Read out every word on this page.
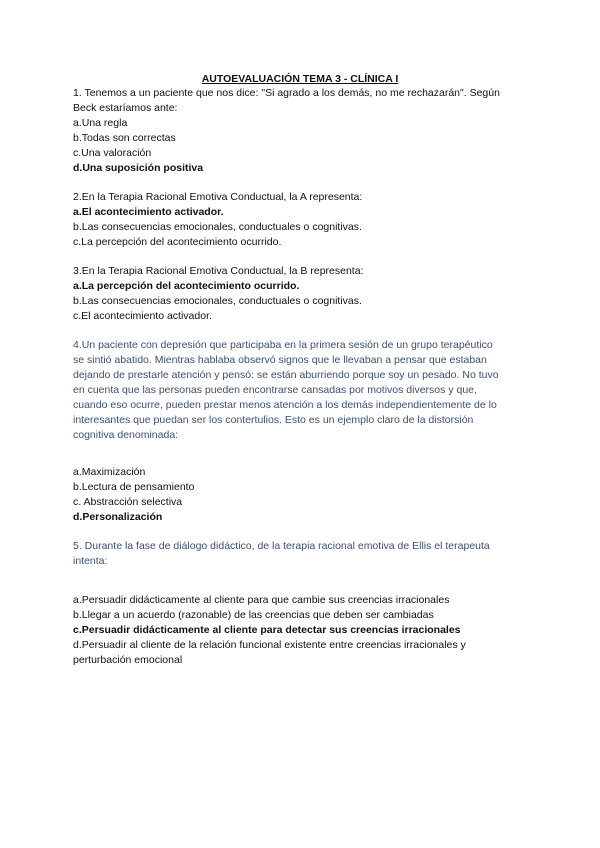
AUTOEVALUACIÓN TEMA 3 - CLÍNICA I
1. Tenemos a un paciente que nos dice: "Si agrado a los demás, no me rechazarán". Según
Beck estaríamos ante:
a.Una regla
b.Todas son correctas
c.Una valoración
d.Una suposición positiva
2.En la Terapia Racional Emotiva Conductual, la A representa:
a.El acontecimiento activador.
b.Las consecuencias emocionales, conductuales o cognitivas.
c.La percepción del acontecimiento ocurrido.
3.En la Terapia Racional Emotiva Conductual, la B representa:
a.La percepción del acontecimiento ocurrido.
b.Las consecuencias emocionales, conductuales o cognitivas.
c.El acontecimiento activador.
4.Un paciente con depresión que participaba en la primera sesión de un grupo terapéutico
se sintió abatido. Mientras hablaba observó signos que le llevaban a pensar que estaban
dejando de prestarle atención y pensó: se están aburriendo porque soy un pesado. No tuvo
en cuenta que las personas pueden encontrarse cansadas por motivos diversos y que,
cuando eso ocurre, pueden prestar menos atención a los demás independientemente de lo
interesantes que puedan ser los contertulios. Esto es un ejemplo claro de la distorsión
cognitiva denominada:
a.Maximización
b.Lectura de pensamiento
c. Abstracción selectiva
d.Personalización
5. Durante la fase de diálogo didáctico, de la terapia racional emotiva de Ellis el terapeuta
intenta:
a.Persuadir didácticamente al cliente para que cambie sus creencias irracionales
b.Llegar a un acuerdo (razonable) de las creencias que deben ser cambiadas
c.Persuadir didácticamente al cliente para detectar sus creencias irracionales
d.Persuadir al cliente de la relación funcional existente entre creencias irracionales y
perturbación emocional
